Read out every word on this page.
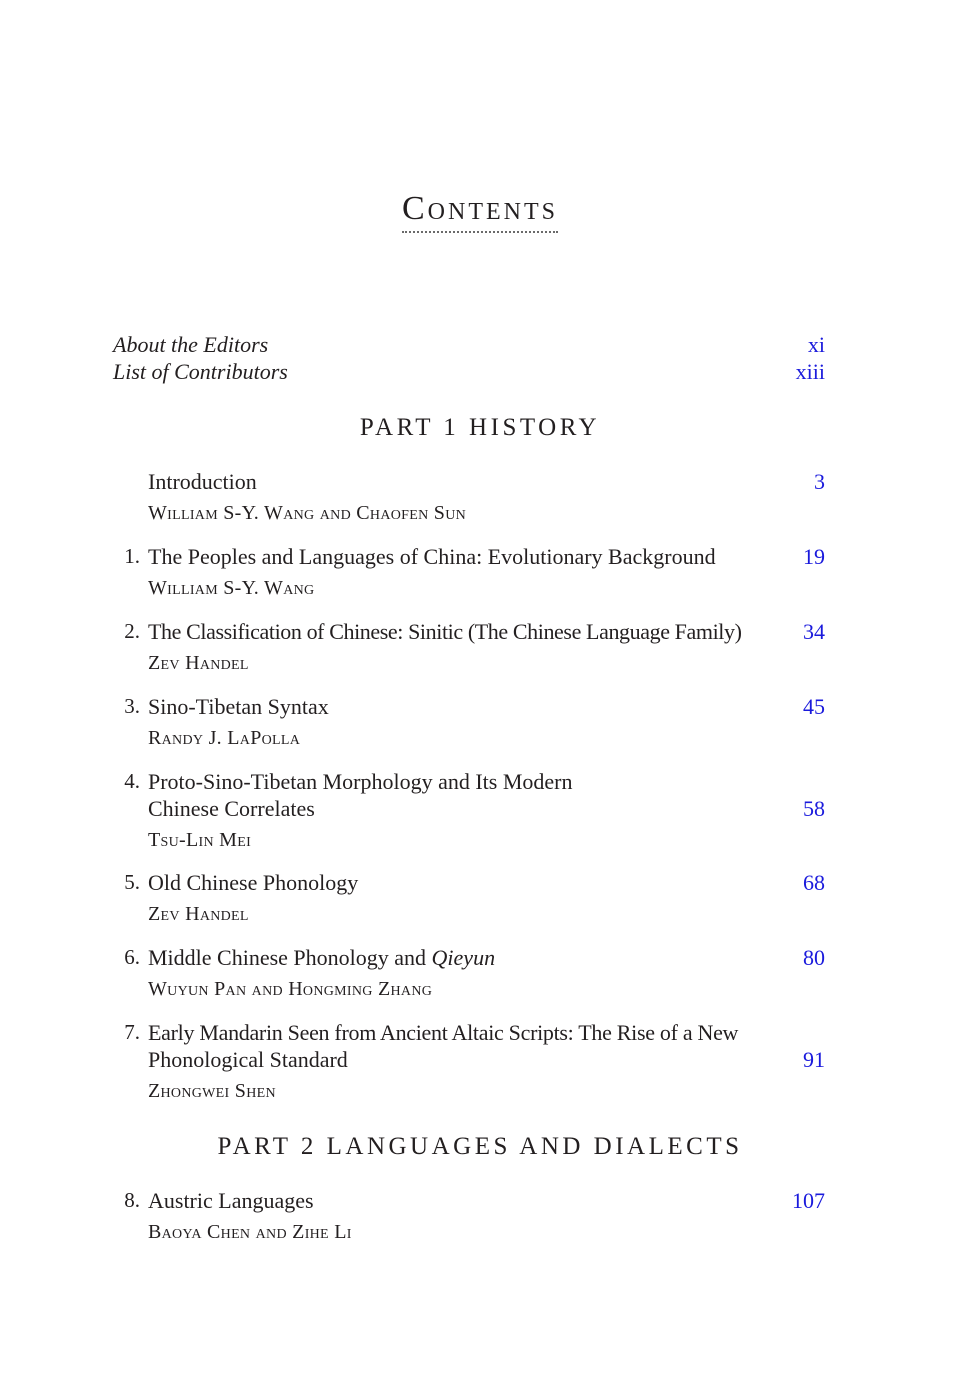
Contents
About the Editors	xi
List of Contributors	xiii
PART 1 HISTORY
Introduction	3
William S-Y. Wang and Chaofen Sun
1. The Peoples and Languages of China: Evolutionary Background	19
William S-Y. Wang
2. The Classification of Chinese: Sinitic (The Chinese Language Family)	34
Zev Handel
3. Sino-Tibetan Syntax	45
Randy J. LaPolla
4. Proto-Sino-Tibetan Morphology and Its Modern
Chinese Correlates	58
Tsu-Lin Mei
5. Old Chinese Phonology	68
Zev Handel
6. Middle Chinese Phonology and Qieyun	80
Wuyun Pan and Hongming Zhang
7. Early Mandarin Seen from Ancient Altaic Scripts: The Rise of a New
Phonological Standard	91
Zhongwei Shen
PART 2 LANGUAGES AND DIALECTS
8. Austric Languages	107
Baoya Chen and Zihe Li
